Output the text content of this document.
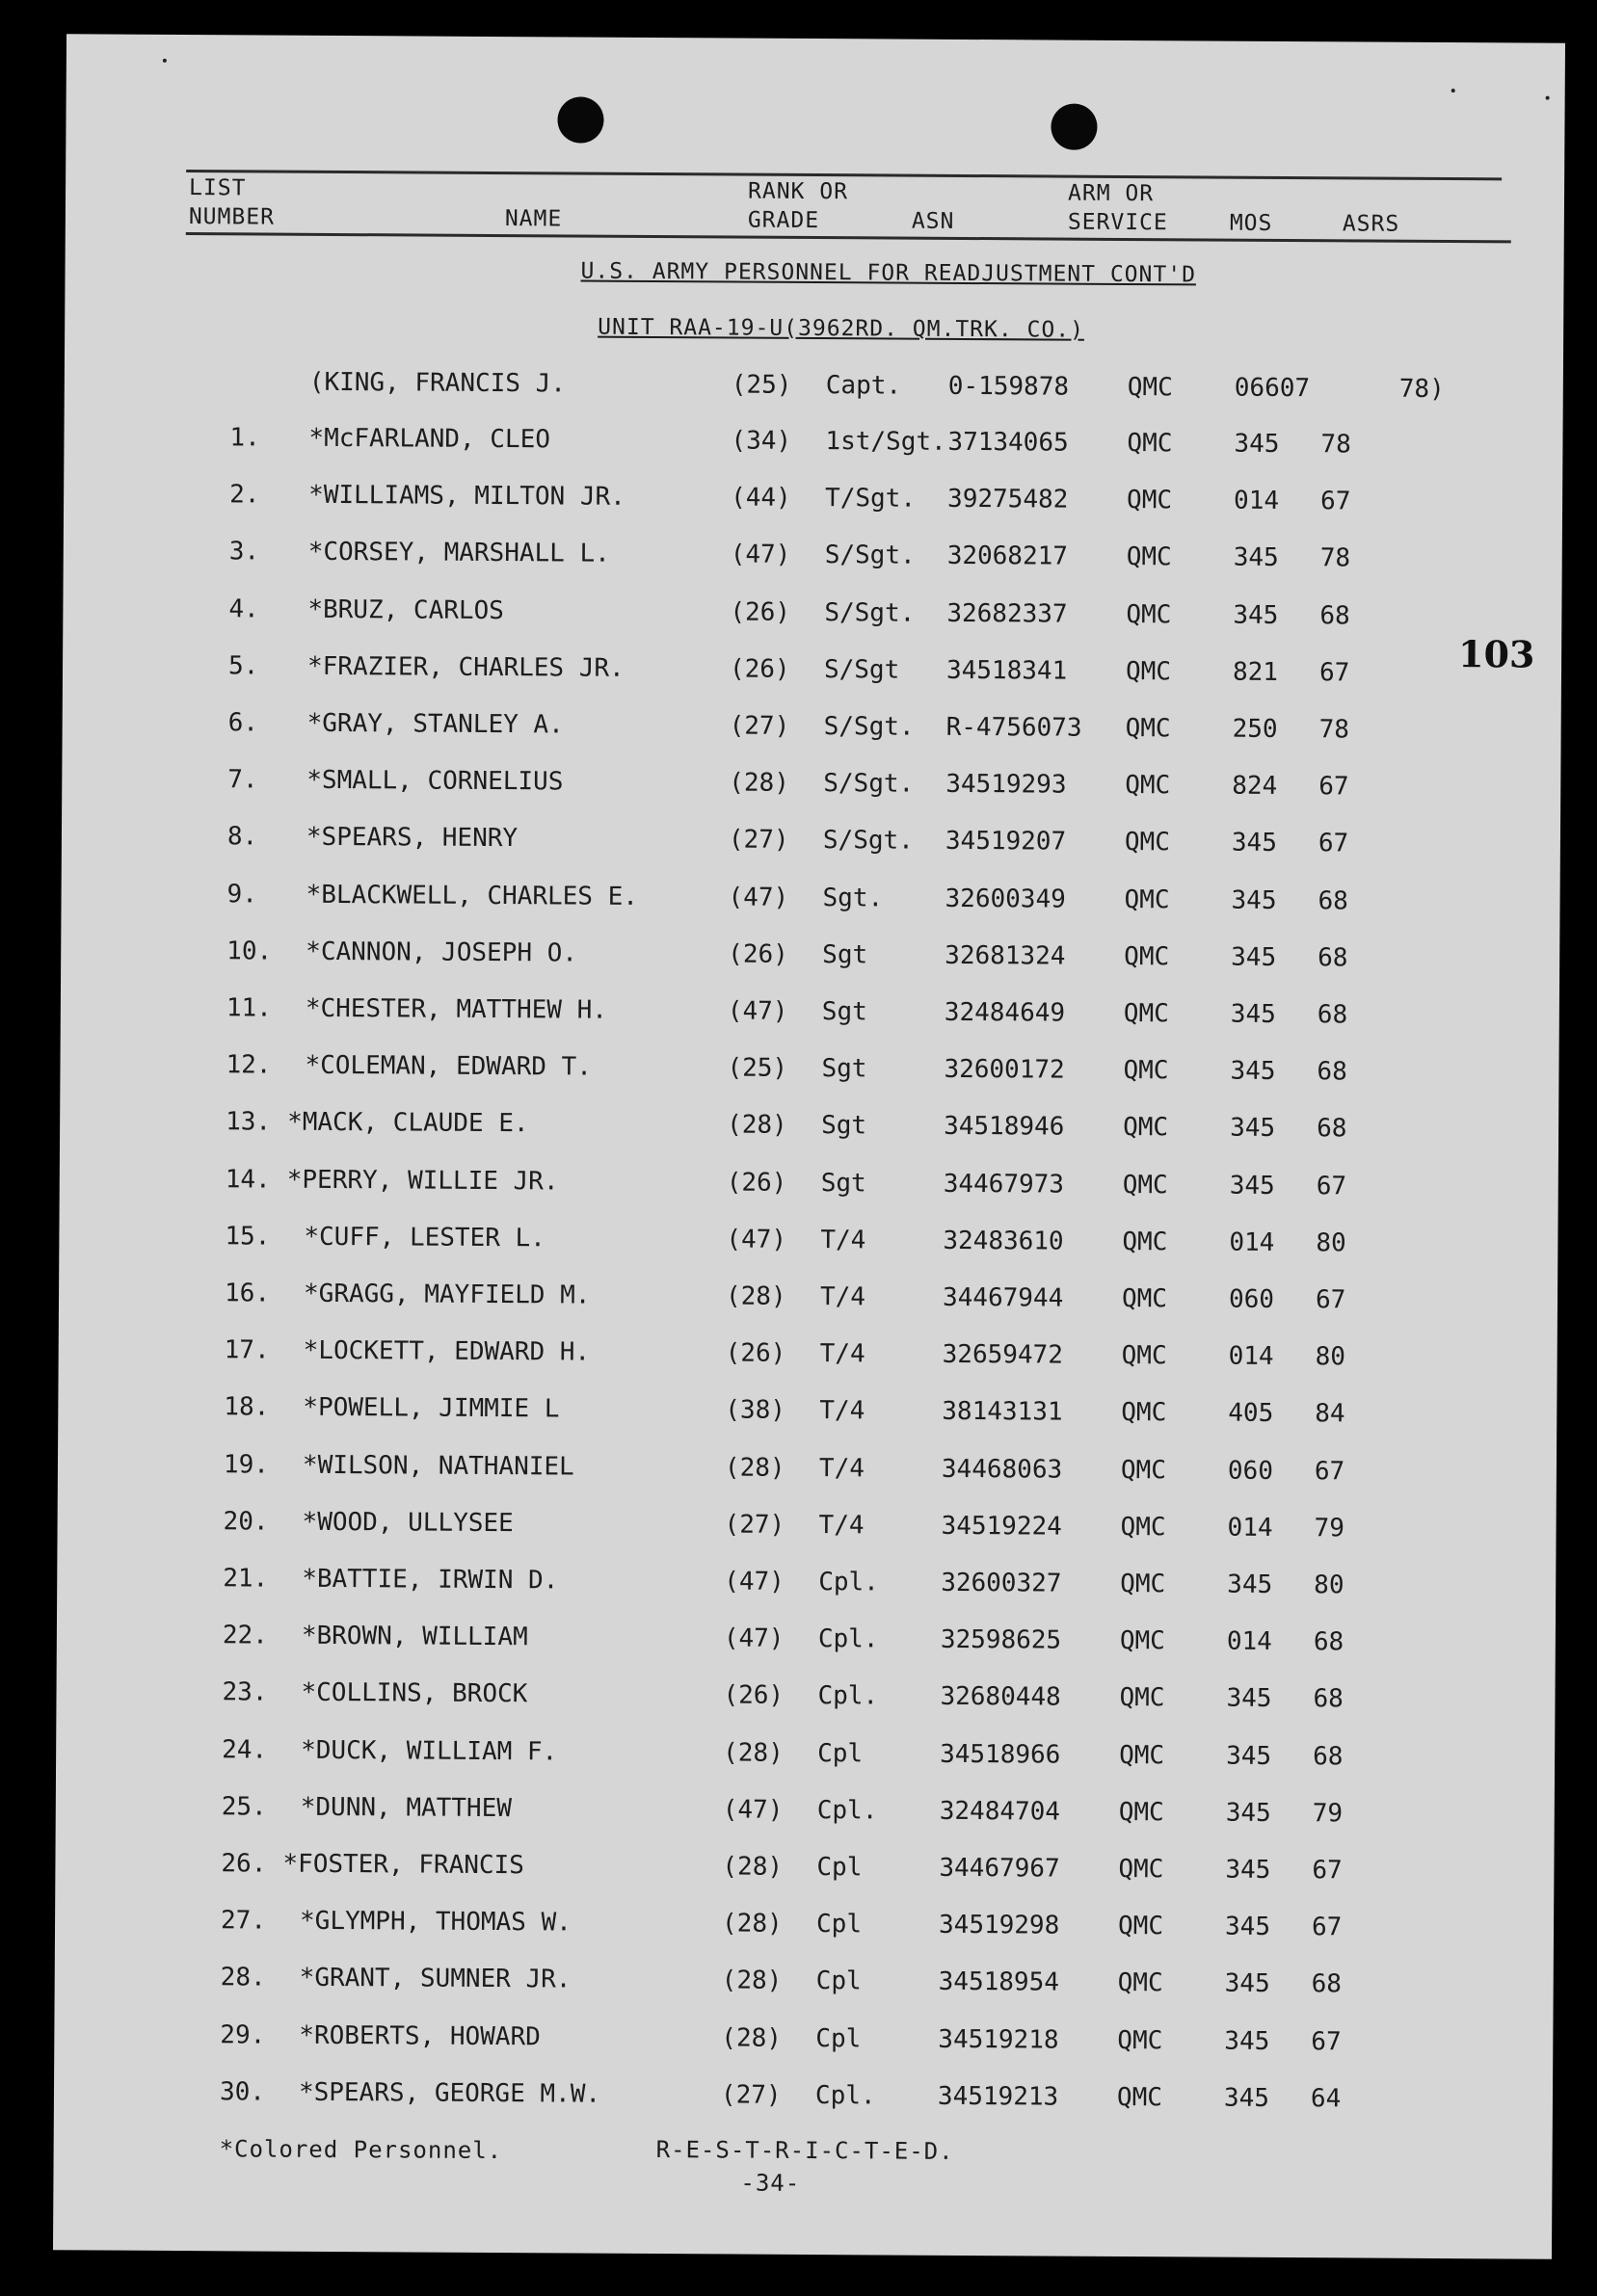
LIST
NUMBER	NAME
RANK OR
GRADE	ASN
ARM OR
SERVICE	MOS	ASRS
U.S. ARMY PERSONNEL FOR READJUSTMENT CONT'D
UNIT RAA-19-U(3962RD. QM.TRK. CO.)
(KING, FRANCIS J.	(25) Capt. 0-159878 QMC 06607	78)
1. *McFARLAND, CLEO	(34) 1st/Sgt. 37134065 QMC 345 78
2. *WILLIAMS, MILTON JR.	(44) T/Sgt. 39275482 QMC 014 67
3. *CORSEY, MARSHALL L.	(47) S/Sgt. 32068217 QMC 345 78
4. *BRUZ, CARLOS	(26) S/Sgt. 32682337 QMC 345 68
5. *FRAZIER, CHARLES JR.	(26) S/Sgt 34518341 QMC 821 67
6. *GRAY, STANLEY A.	(27) S/Sgt. R-4756073 QMC 250 78
7. *SMALL, CORNELIUS	(28) S/Sgt. 34519293 QMC 824 67
8. *SPEARS, HENRY	(27) S/Sgt. 34519207 QMC 345 67
9. *BLACKWELL, CHARLES E.	(47) Sgt. 32600349 QMC 345 68
10. *CANNON, JOSEPH O.	(26) Sgt	32681324 QMC 345 68
11. *CHESTER, MATTHEW H.	(47) Sgt	32484649 QMC 345 68
12. *COLEMAN, EDWARD T.	(25) Sgt	32600172 QMC 345 68
13. *MACK, CLAUDE E.	(28) Sgt	34518946 QMC 345 68
14. *PERRY, WILLIE JR.	(26) Sgt	34467973 QMC 345 67
15. *CUFF, LESTER L.	(47) T/4	32483610 QMC 014 80
16. *GRAGG, MAYFIELD M.	(28) T/4	34467944 QMC 060 67
17. *LOCKETT, EDWARD H.	(26) T/4	32659472 QMC 014 80
18. *POWELL, JIMMIE L	(38) T/4	38143131 QMC 405 84
19. *WILSON, NATHANIEL	(28) T/4	34468063 QMC 060 67
20. *WOOD, ULLYSEE	(27) T/4	34519224 QMC 014 79
21. *BATTIE, IRWIN D.	(47) Cpl. 32600327 QMC 345 80
22. *BROWN, WILLIAM	(47) Cpl. 32598625 QMC 014 68
23. *COLLINS, BROCK	(26) Cpl. 32680448 QMC 345 68
24. *DUCK, WILLIAM F.	(28) Cpl	34518966 QMC 345 68
25. *DUNN, MATTHEW	(47) Cpl. 32484704 QMC 345 79
26. *FOSTER, FRANCIS	(28) Cpl	34467967 QMC 345 67
27. *GLYMPH, THOMAS W.	(28) Cpl	34519298 QMC 345 67
28. *GRANT, SUMNER JR.	(28) Cpl	34518954 QMC 345 68
29. *ROBERTS, HOWARD	(28) Cpl	34519218 QMC 345 67
30. *SPEARS, GEORGE M.W.	(27) Cpl. 34519213 QMC 345 64
103
*Colored Personnel.	R-E-S-T-R-I-C-T-E-D.
-34-
